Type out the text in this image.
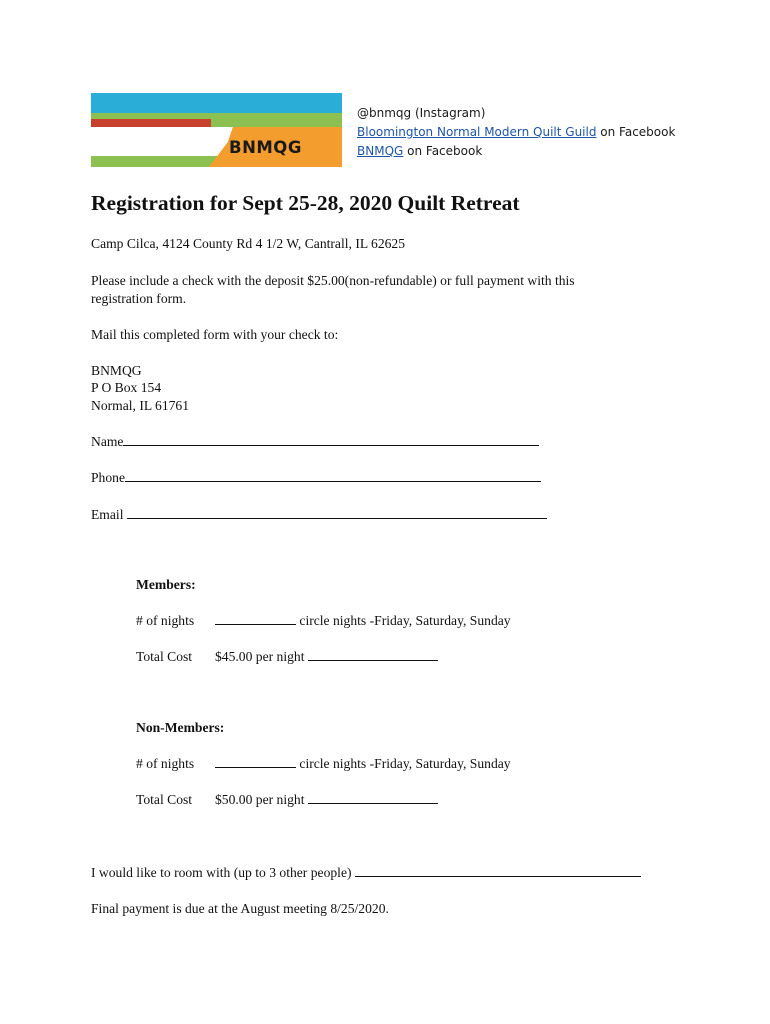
BNMQG
@bnmqg (Instagram)
Bloomington Normal Modern Quilt Guild on Facebook
BNMQG on Facebook
Registration for Sept 25-28, 2020 Quilt Retreat
Camp Cilca, 4124 County Rd 4 1/2 W, Cantrall, IL 62625
Please include a check with the deposit $25.00(non-refundable) or full payment with this
registration form.
Mail this completed form with your check to:
BNMQG
P O Box 154
Normal, IL 61761
Name
Phone
Email
Members:
# of nights	circle nights -Friday, Saturday, Sunday
Total Cost $45.00 per night
Non-Members:
# of nights	circle nights -Friday, Saturday, Sunday
Total Cost $50.00 per night
I would like to room with (up to 3 other people)
Final payment is due at the August meeting 8/25/2020.
